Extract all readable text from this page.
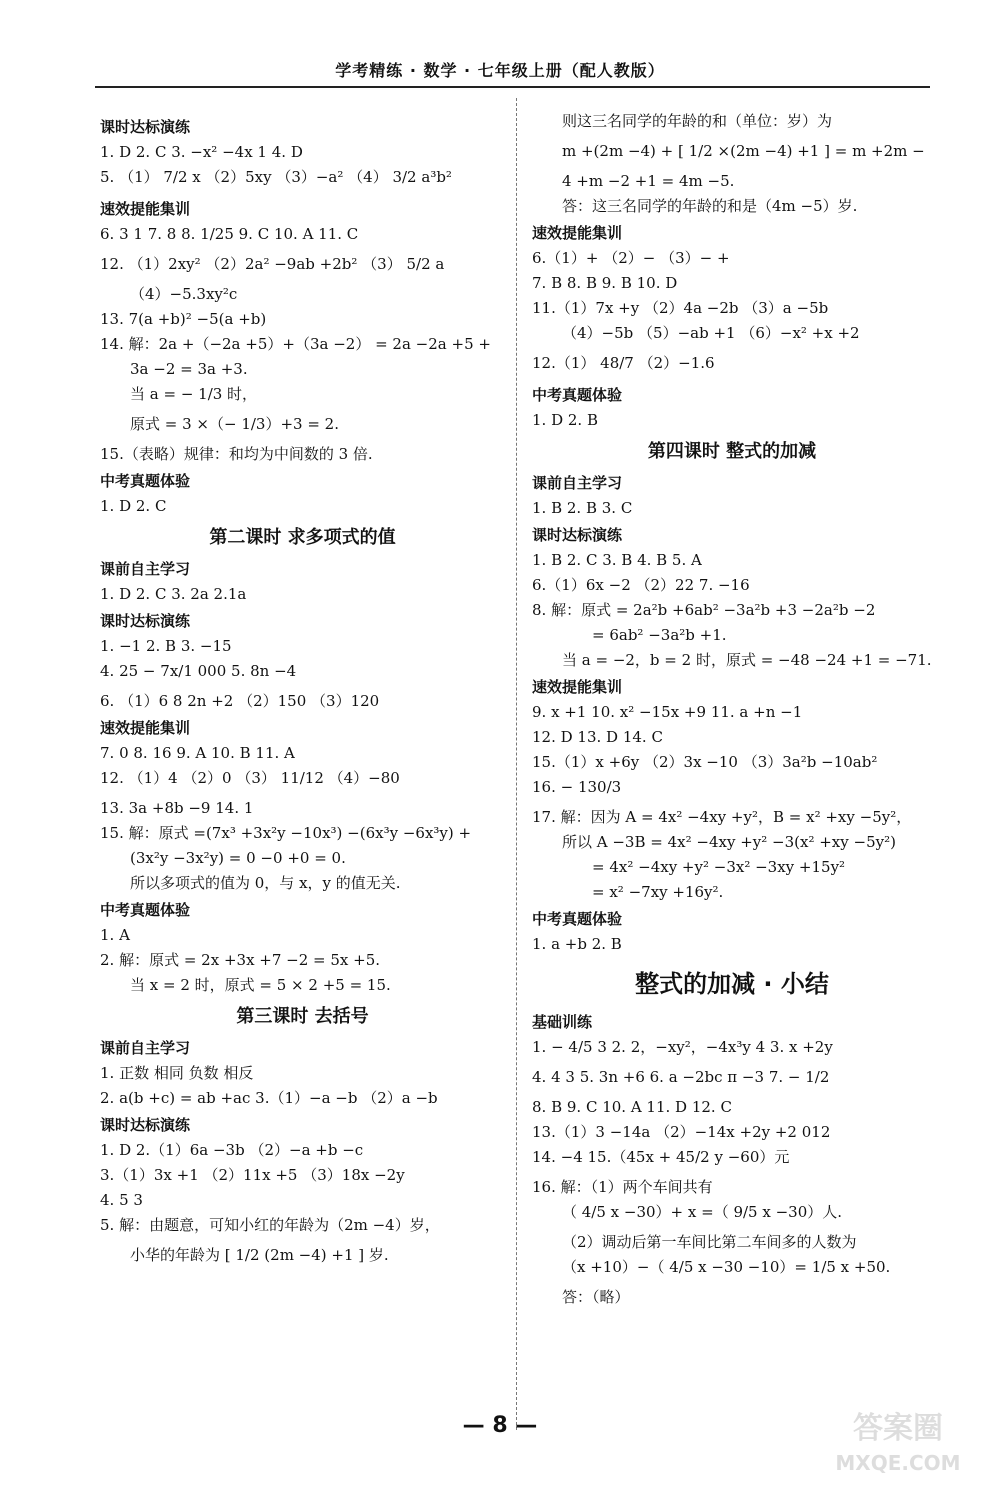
学考精练 · 数学 · 七年级上册（配人教版）
课时达标演练
1. D 2. C 3. −x² −4x 1 4. D
5. （1） 7/2 x （2）5xy （3）−a² （4） 3/2 a³b²
速效提能集训
6. 3 1 7. 8 8. 1/25 9. C 10. A 11. C
12. （1）2xy² （2）2a² −9ab +2b² （3） 5/2 a
（4）−5.3xy²c
13. 7(a +b)² −5(a +b)
14. 解：2a +（−2a +5）+（3a −2） = 2a −2a +5 +
3a −2 = 3a +3.
当 a = − 1/3 时，
原式 = 3 ×（− 1/3）+3 = 2.
15.（表略）规律：和均为中间数的 3 倍.
中考真题体验
1. D 2. C
第二课时 求多项式的值
课前自主学习
1. D 2. C 3. 2a 2.1a
课时达标演练
1. −1 2. B 3. −15
4. 25 − 7x/1 000 5. 8n −4
6. （1）6 8 2n +2 （2）150 （3）120
速效提能集训
7. 0 8. 16 9. A 10. B 11. A
12. （1）4 （2）0 （3） 11/12 （4）−80
13. 3a +8b −9 14. 1
15. 解：原式 =(7x³ +3x²y −10x³) −(6x³y −6x³y) +
(3x²y −3x²y) = 0 −0 +0 = 0.
所以多项式的值为 0，与 x，y 的值无关.
中考真题体验
1. A
2. 解：原式 = 2x +3x +7 −2 = 5x +5.
当 x = 2 时，原式 = 5 × 2 +5 = 15.
第三课时 去括号
课前自主学习
1. 正数 相同 负数 相反
2. a(b +c) = ab +ac 3.（1）−a −b （2）a −b
课时达标演练
1. D 2.（1）6a −3b （2）−a +b −c
3.（1）3x +1 （2）11x +5 （3）18x −2y
4. 5 3
5. 解：由题意，可知小红的年龄为（2m −4）岁，
小华的年龄为 [ 1/2 (2m −4) +1 ] 岁.
则这三名同学的年龄的和（单位：岁）为
m +(2m −4) + [ 1/2 ×(2m −4) +1 ] = m +2m −
4 +m −2 +1 = 4m −5.
答：这三名同学的年龄的和是（4m −5）岁.
速效提能集训
6.（1）+ （2）− （3）− +
7. B 8. B 9. B 10. D
11.（1）7x +y （2）4a −2b （3）a −5b
（4）−5b （5）−ab +1 （6）−x² +x +2
12.（1） 48/7 （2）−1.6
中考真题体验
1. D 2. B
第四课时 整式的加减
课前自主学习
1. B 2. B 3. C
课时达标演练
1. B 2. C 3. B 4. B 5. A
6.（1）6x −2 （2）22 7. −16
8. 解：原式 = 2a²b +6ab² −3a²b +3 −2a²b −2
= 6ab² −3a²b +1.
当 a = −2，b = 2 时，原式 = −48 −24 +1 = −71.
速效提能集训
9. x +1 10. x² −15x +9 11. a +n −1
12. D 13. D 14. C
15.（1）x +6y （2）3x −10 （3）3a²b −10ab²
16. − 130/3
17. 解：因为 A = 4x² −4xy +y²，B = x² +xy −5y²，
所以 A −3B = 4x² −4xy +y² −3(x² +xy −5y²)
= 4x² −4xy +y² −3x² −3xy +15y²
= x² −7xy +16y².
中考真题体验
1. a +b 2. B
整式的加减 · 小结
基础训练
1. − 4/5 3 2. 2，−xy²，−4x³y 4 3. x +2y
4. 4 3 5. 3n +6 6. a −2bc π −3 7. − 1/2
8. B 9. C 10. A 11. D 12. C
13.（1）3 −14a （2）−14x +2y +2 012
14. −4 15.（45x + 45/2 y −60）元
16. 解：（1）两个车间共有
（ 4/5 x −30）+ x =（ 9/5 x −30）人.
（2）调动后第一车间比第二车间多的人数为
（x +10）−（ 4/5 x −30 −10）= 1/5 x +50.
答：（略）
— 8 —	答案圈
MXQE.COM
